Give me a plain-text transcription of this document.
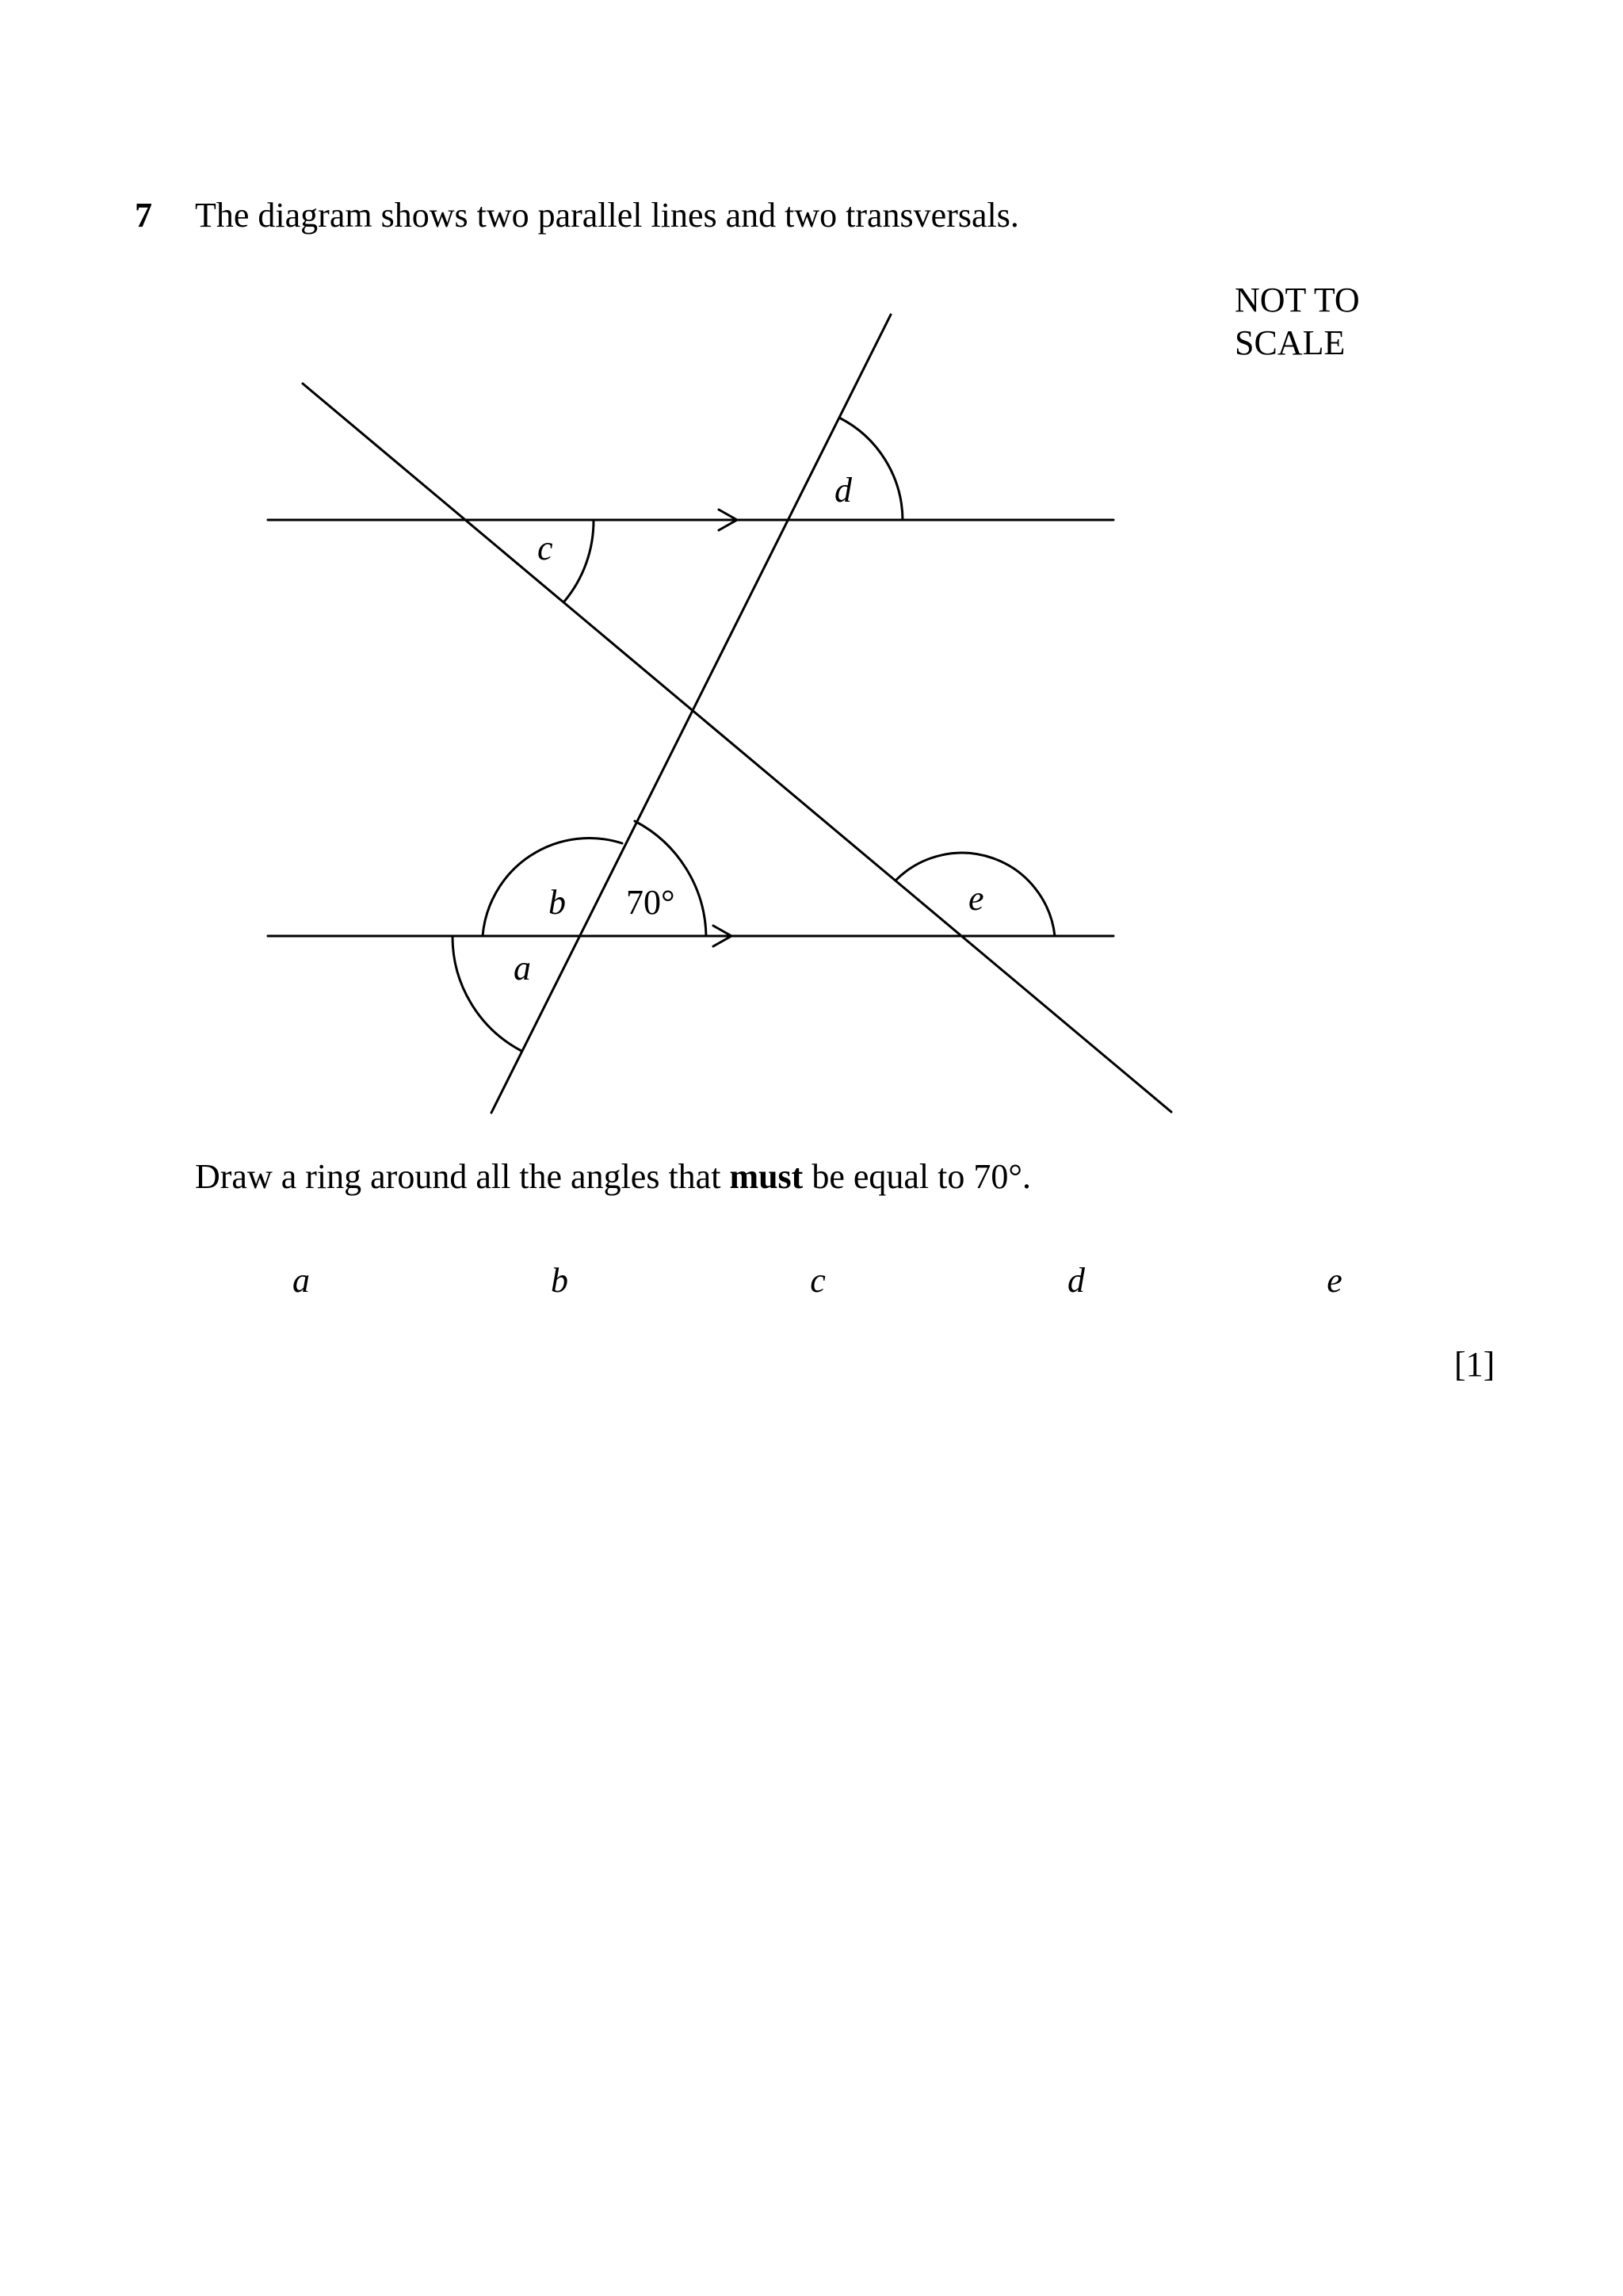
7 The diagram shows two parallel lines and two transversals.
NOT TO
SCALE
c
d
b 70°
a
e
Draw a ring around all the angles that must be equal to 70°.
a	b	c	d	e
[1]
